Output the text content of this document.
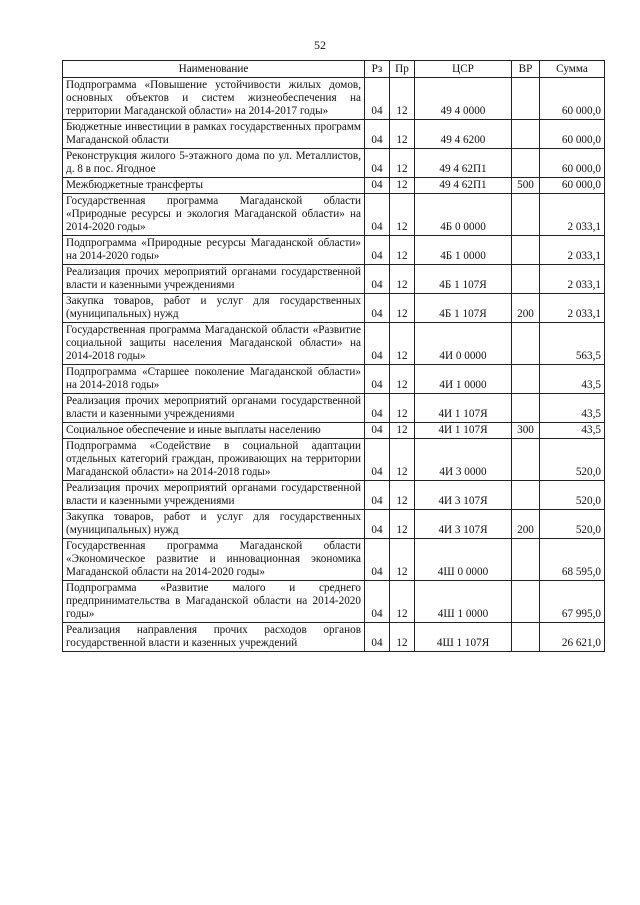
52
Наименование	Рз	Пр	ЦСР	ВР	Сумма
Подпрограмма «Повышение устойчивости жилых домов, основных объектов и систем жизнеобеспечения на территории Магаданской области» на 2014-2017 годы»	04	12	49 4 0000		60 000,0
Бюджетные инвестиции в рамках государственных программ Магаданской области	04	12	49 4 6200		60 000,0
Реконструкция жилого 5-этажного дома по ул. Металлистов, д. 8 в пос. Ягодное	04	12	49 4 62П1		60 000,0
Межбюджетные трансферты	04	12	49 4 62П1	500	60 000,0
Государственная программа Магаданской области «Природные ресурсы и экология Магаданской области» на 2014-2020 годы»	04	12	4Б 0 0000		2 033,1
Подпрограмма «Природные ресурсы Магаданской области» на 2014-2020 годы»	04	12	4Б 1 0000		2 033,1
Реализация прочих мероприятий органами государственной власти и казенными учреждениями	04	12	4Б 1 107Я		2 033,1
Закупка товаров, работ и услуг для государственных (муниципальных) нужд	04	12	4Б 1 107Я	200	2 033,1
Государственная программа Магаданской области «Развитие социальной защиты населения Магаданской области» на 2014-2018 годы»	04	12	4И 0 0000		563,5
Подпрограмма «Старшее поколение Магаданской области» на 2014-2018 годы»	04	12	4И 1 0000		43,5
Реализация прочих мероприятий органами государственной власти и казенными учреждениями	04	12	4И 1 107Я		43,5
Социальное обеспечение и иные выплаты населению	04	12	4И 1 107Я	300	43,5
Подпрограмма «Содействие в социальной адаптации отдельных категорий граждан, проживающих на территории Магаданской области» на 2014-2018 годы»	04	12	4И 3 0000		520,0
Реализация прочих мероприятий органами государственной власти и казенными учреждениями	04	12	4И 3 107Я		520,0
Закупка товаров, работ и услуг для государственных (муниципальных) нужд	04	12	4И 3 107Я	200	520,0
Государственная программа Магаданской области «Экономическое развитие и инновационная экономика Магаданской области на 2014-2020 годы»	04	12	4Ш 0 0000		68 595,0
Подпрограмма «Развитие малого и среднего предпринимательства в Магаданской области на 2014-2020 годы»	04	12	4Ш 1 0000		67 995,0
Реализация направления прочих расходов органов государственной власти и казенных учреждений	04	12	4Ш 1 107Я		26 621,0
